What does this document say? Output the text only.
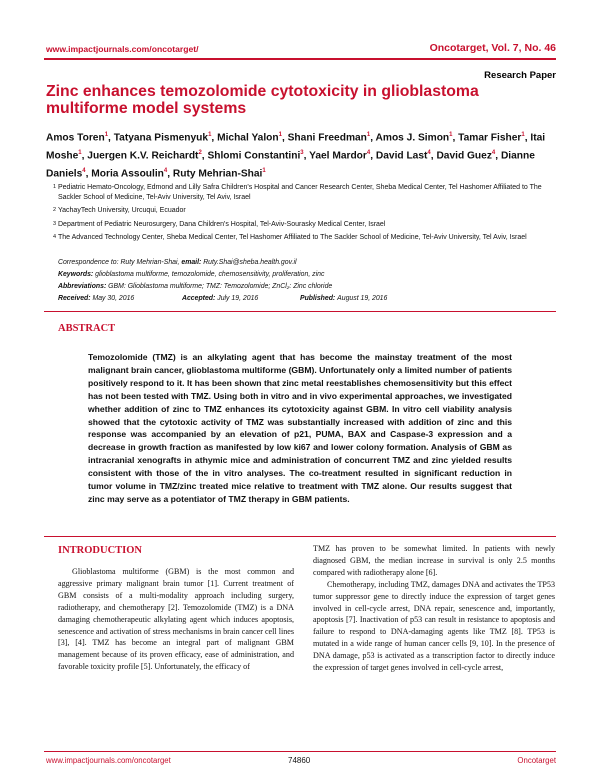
www.impactjournals.com/oncotarget/	Oncotarget, Vol. 7, No. 46
Research Paper
Zinc enhances temozolomide cytotoxicity in glioblastoma multiforme model systems
Amos Toren$^1$, Tatyana Pismenyuk$^1$, Michal Yalon$^1$, Shani Freedman$^1$, Amos J. Simon$^1$, Tamar Fisher$^1$, Itai Moshe$^1$, Juergen K.V. Reichardt$^2$, Shlomi Constantini$^3$, Yael Mardor$^4$, David Last$^4$, David Guez$^4$, Dianne Daniels$^4$, Moria Assoulin$^4$, Ruty Mehrian-Shai$^1$
1 Pediatric Hemato-Oncology, Edmond and Lilly Safra Children's Hospital and Cancer Research Center, Sheba Medical Center, Tel Hashomer Affiliated to The Sackler School of Medicine, Tel-Aviv University, Tel Aviv, Israel
2 YachayTech University, Urcuqui, Ecuador
3 Department of Pediatric Neurosurgery, Dana Children's Hospital, Tel-Aviv-Sourasky Medical Center, Israel
4 The Advanced Technology Center, Sheba Medical Center, Tel Hashomer Affiliated to The Sackler School of Medicine, Tel-Aviv University, Tel Aviv, Israel
Correspondence to: Ruty Mehrian-Shai, email: Ruty.Shai@sheba.health.gov.il
Keywords: glioblastoma multiforme, temozolomide, chemosensitivity, proliferation, zinc
Abbreviations: GBM: Glioblastoma multiforme; TMZ: Temozolomide; ZnCl₂: Zinc chloride
Received: May 30, 2016	Accepted: July 19, 2016	Published: August 19, 2016
ABSTRACT
Temozolomide (TMZ) is an alkylating agent that has become the mainstay treatment of the most malignant brain cancer, glioblastoma multiforme (GBM). Unfortunately only a limited number of patients positively respond to it. It has been shown that zinc metal reestablishes chemosensitivity but this effect has not been tested with TMZ. Using both in vitro and in vivo experimental approaches, we investigated whether addition of zinc to TMZ enhances its cytotoxicity against GBM. In vitro cell viability analysis showed that the cytotoxic activity of TMZ was substantially increased with addition of zinc and this response was accompanied by an elevation of p21, PUMA, BAX and Caspase-3 expression and a decrease in growth fraction as manifested by low ki67 and lower colony formation. Analysis of GBM as intracranial xenografts in athymic mice and administration of concurrent TMZ and zinc yielded results consistent with those of the in vitro analyses. The co-treatment resulted in significant reduction in tumor volume in TMZ/zinc treated mice relative to treatment with TMZ alone. Our results suggest that zinc may serve as a potentiator of TMZ therapy in GBM patients.
INTRODUCTION

Glioblastoma multiforme (GBM) is the most common and aggressive primary malignant brain tumor [1]. Current treatment of GBM consists of a multi-modality approach including surgery, radiotherapy, and chemotherapy [2]. Temozolomide (TMZ) is a DNA damaging chemotherapeutic alkylating agent which induces apoptosis, senescence and activation of stress mechanisms in brain cancer cell lines [3], [4]. TMZ has become an integral part of malignant GBM management because of its proven efficacy, ease of administration, and favorable toxicity profile [5]. Unfortunately, the efficacy of

TMZ has proven to be somewhat limited. In patients with newly diagnosed GBM, the median increase in survival is only 2.5 months compared with radiotherapy alone [6].

Chemotherapy, including TMZ, damages DNA and activates the TP53 tumor suppressor gene to directly induce the expression of target genes involved in cell-cycle arrest, DNA repair, senescence and, importantly, apoptosis [7]. Inactivation of p53 can result in resistance to apoptosis and failure to respond to DNA-damaging agents like TMZ [8]. TP53 is mutated in a wide range of human cancer cells [9, 10]. In the presence of DNA damage, p53 is activated as a transcription factor to directly induce the expression of target genes involved in cell-cycle arrest,

www.impactjournals.com/oncotarget	74860	Oncotarget
